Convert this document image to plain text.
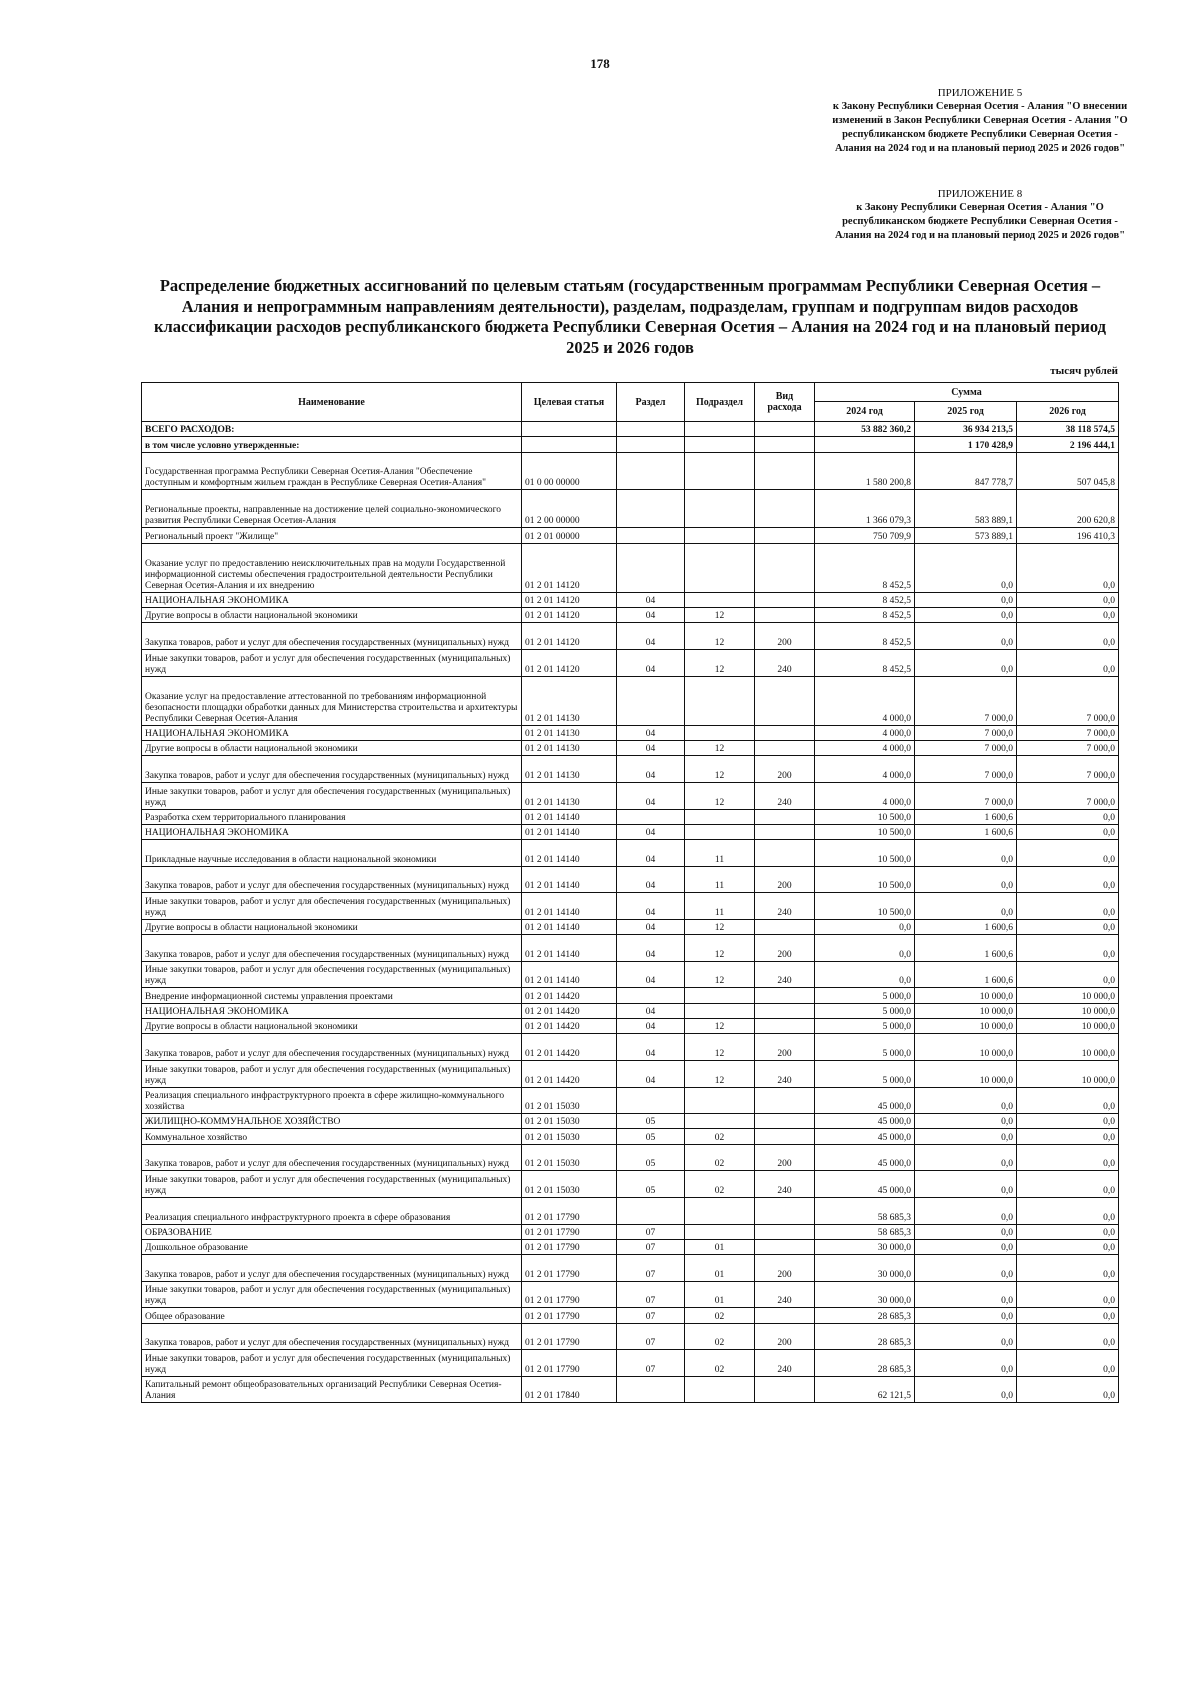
178
ПРИЛОЖЕНИЕ 5
к Закону Республики Северная Осетия - Алания "О внесении изменений в Закон Республики Северная Осетия - Алания "О республиканском бюджете Республики Северная Осетия - Алания на 2024 год и на плановый период 2025 и 2026 годов"
ПРИЛОЖЕНИЕ 8
к Закону Республики Северная Осетия - Алания "О республиканском бюджете Республики Северная Осетия - Алания на 2024 год и на плановый период 2025 и 2026 годов"
Распределение бюджетных ассигнований по целевым статьям (государственным программам Республики Северная Осетия – Алания и непрограммным направлениям деятельности), разделам, подразделам, группам и подгруппам видов расходов классификации расходов республиканского бюджета Республики Северная Осетия – Алания на 2024 год и на плановый период 2025 и 2026 годов
тысяч рублей
Наименование	Целевая статья	Раздел	Подраздел	Вид расхода	Сумма		
					2024 год	2025 год	2026 год
ВСЕГО РАСХОДОВ:					53 882 360,2	36 934 213,5	38 118 574,5
в том числе условно утвержденные:						1 170 428,9	2 196 444,1
Государственная программа Республики Северная Осетия-Алания "Обеспечение доступным и комфортным жильем граждан в Республике Северная Осетия-Алания"	01 0 00 00000				1 580 200,8	847 778,7	507 045,8
Региональные проекты, направленные на достижение целей социально-экономического развития Республики Северная Осетия-Алания	01 2 00 00000				1 366 079,3	583 889,1	200 620,8
Региональный проект "Жилище"	01 2 01 00000				750 709,9	573 889,1	196 410,3
Оказание услуг по предоставлению неисключительных прав на модули Государственной информационной системы обеспечения градостроительной деятельности Республики Северная Осетия-Алания и их внедрению	01 2 01 14120				8 452,5	0,0	0,0
НАЦИОНАЛЬНАЯ ЭКОНОМИКА	01 2 01 14120	04			8 452,5	0,0	0,0
Другие вопросы в области национальной экономики	01 2 01 14120	04	12		8 452,5	0,0	0,0
Закупка товаров, работ и услуг для обеспечения государственных (муниципальных) нужд	01 2 01 14120	04	12	200	8 452,5	0,0	0,0
Иные закупки товаров, работ и услуг для обеспечения государственных (муниципальных) нужд	01 2 01 14120	04	12	240	8 452,5	0,0	0,0
Оказание услуг на предоставление аттестованной по требованиям информационной безопасности площадки обработки данных для Министерства строительства и архитектуры Республики Северная Осетия-Алания	01 2 01 14130				4 000,0	7 000,0	7 000,0
НАЦИОНАЛЬНАЯ ЭКОНОМИКА	01 2 01 14130	04			4 000,0	7 000,0	7 000,0
Другие вопросы в области национальной экономики	01 2 01 14130	04	12		4 000,0	7 000,0	7 000,0
Закупка товаров, работ и услуг для обеспечения государственных (муниципальных) нужд	01 2 01 14130	04	12	200	4 000,0	7 000,0	7 000,0
Иные закупки товаров, работ и услуг для обеспечения государственных (муниципальных) нужд	01 2 01 14130	04	12	240	4 000,0	7 000,0	7 000,0
Разработка схем территориального планирования	01 2 01 14140				10 500,0	1 600,6	0,0
НАЦИОНАЛЬНАЯ ЭКОНОМИКА	01 2 01 14140	04			10 500,0	1 600,6	0,0
Прикладные научные исследования в области национальной экономики	01 2 01 14140	04	11		10 500,0	0,0	0,0
Закупка товаров, работ и услуг для обеспечения государственных (муниципальных) нужд	01 2 01 14140	04	11	200	10 500,0	0,0	0,0
Иные закупки товаров, работ и услуг для обеспечения государственных (муниципальных) нужд	01 2 01 14140	04	11	240	10 500,0	0,0	0,0
Другие вопросы в области национальной экономики	01 2 01 14140	04	12		0,0	1 600,6	0,0
Закупка товаров, работ и услуг для обеспечения государственных (муниципальных) нужд	01 2 01 14140	04	12	200	0,0	1 600,6	0,0
Иные закупки товаров, работ и услуг для обеспечения государственных (муниципальных) нужд	01 2 01 14140	04	12	240	0,0	1 600,6	0,0
Внедрение информационной системы управления проектами	01 2 01 14420				5 000,0	10 000,0	10 000,0
НАЦИОНАЛЬНАЯ ЭКОНОМИКА	01 2 01 14420	04			5 000,0	10 000,0	10 000,0
Другие вопросы в области национальной экономики	01 2 01 14420	04	12		5 000,0	10 000,0	10 000,0
Закупка товаров, работ и услуг для обеспечения государственных (муниципальных) нужд	01 2 01 14420	04	12	200	5 000,0	10 000,0	10 000,0
Иные закупки товаров, работ и услуг для обеспечения государственных (муниципальных) нужд	01 2 01 14420	04	12	240	5 000,0	10 000,0	10 000,0
Реализация специального инфраструктурного проекта в сфере жилищно-коммунального хозяйства	01 2 01 15030				45 000,0	0,0	0,0
ЖИЛИЩНО-КОММУНАЛЬНОЕ ХОЗЯЙСТВО	01 2 01 15030	05			45 000,0	0,0	0,0
Коммунальное хозяйство	01 2 01 15030	05	02		45 000,0	0,0	0,0
Закупка товаров, работ и услуг для обеспечения государственных (муниципальных) нужд	01 2 01 15030	05	02	200	45 000,0	0,0	0,0
Иные закупки товаров, работ и услуг для обеспечения государственных (муниципальных) нужд	01 2 01 15030	05	02	240	45 000,0	0,0	0,0
Реализация специального инфраструктурного проекта в сфере образования	01 2 01 17790				58 685,3	0,0	0,0
ОБРАЗОВАНИЕ	01 2 01 17790	07			58 685,3	0,0	0,0
Дошкольное образование	01 2 01 17790	07	01		30 000,0	0,0	0,0
Закупка товаров, работ и услуг для обеспечения государственных (муниципальных) нужд	01 2 01 17790	07	01	200	30 000,0	0,0	0,0
Иные закупки товаров, работ и услуг для обеспечения государственных (муниципальных) нужд	01 2 01 17790	07	01	240	30 000,0	0,0	0,0
Общее образование	01 2 01 17790	07	02		28 685,3	0,0	0,0
Закупка товаров, работ и услуг для обеспечения государственных (муниципальных) нужд	01 2 01 17790	07	02	200	28 685,3	0,0	0,0
Иные закупки товаров, работ и услуг для обеспечения государственных (муниципальных) нужд	01 2 01 17790	07	02	240	28 685,3	0,0	0,0
Капитальный ремонт общеобразовательных организаций Республики Северная Осетия-Алания	01 2 01 17840				62 121,5	0,0	0,0
